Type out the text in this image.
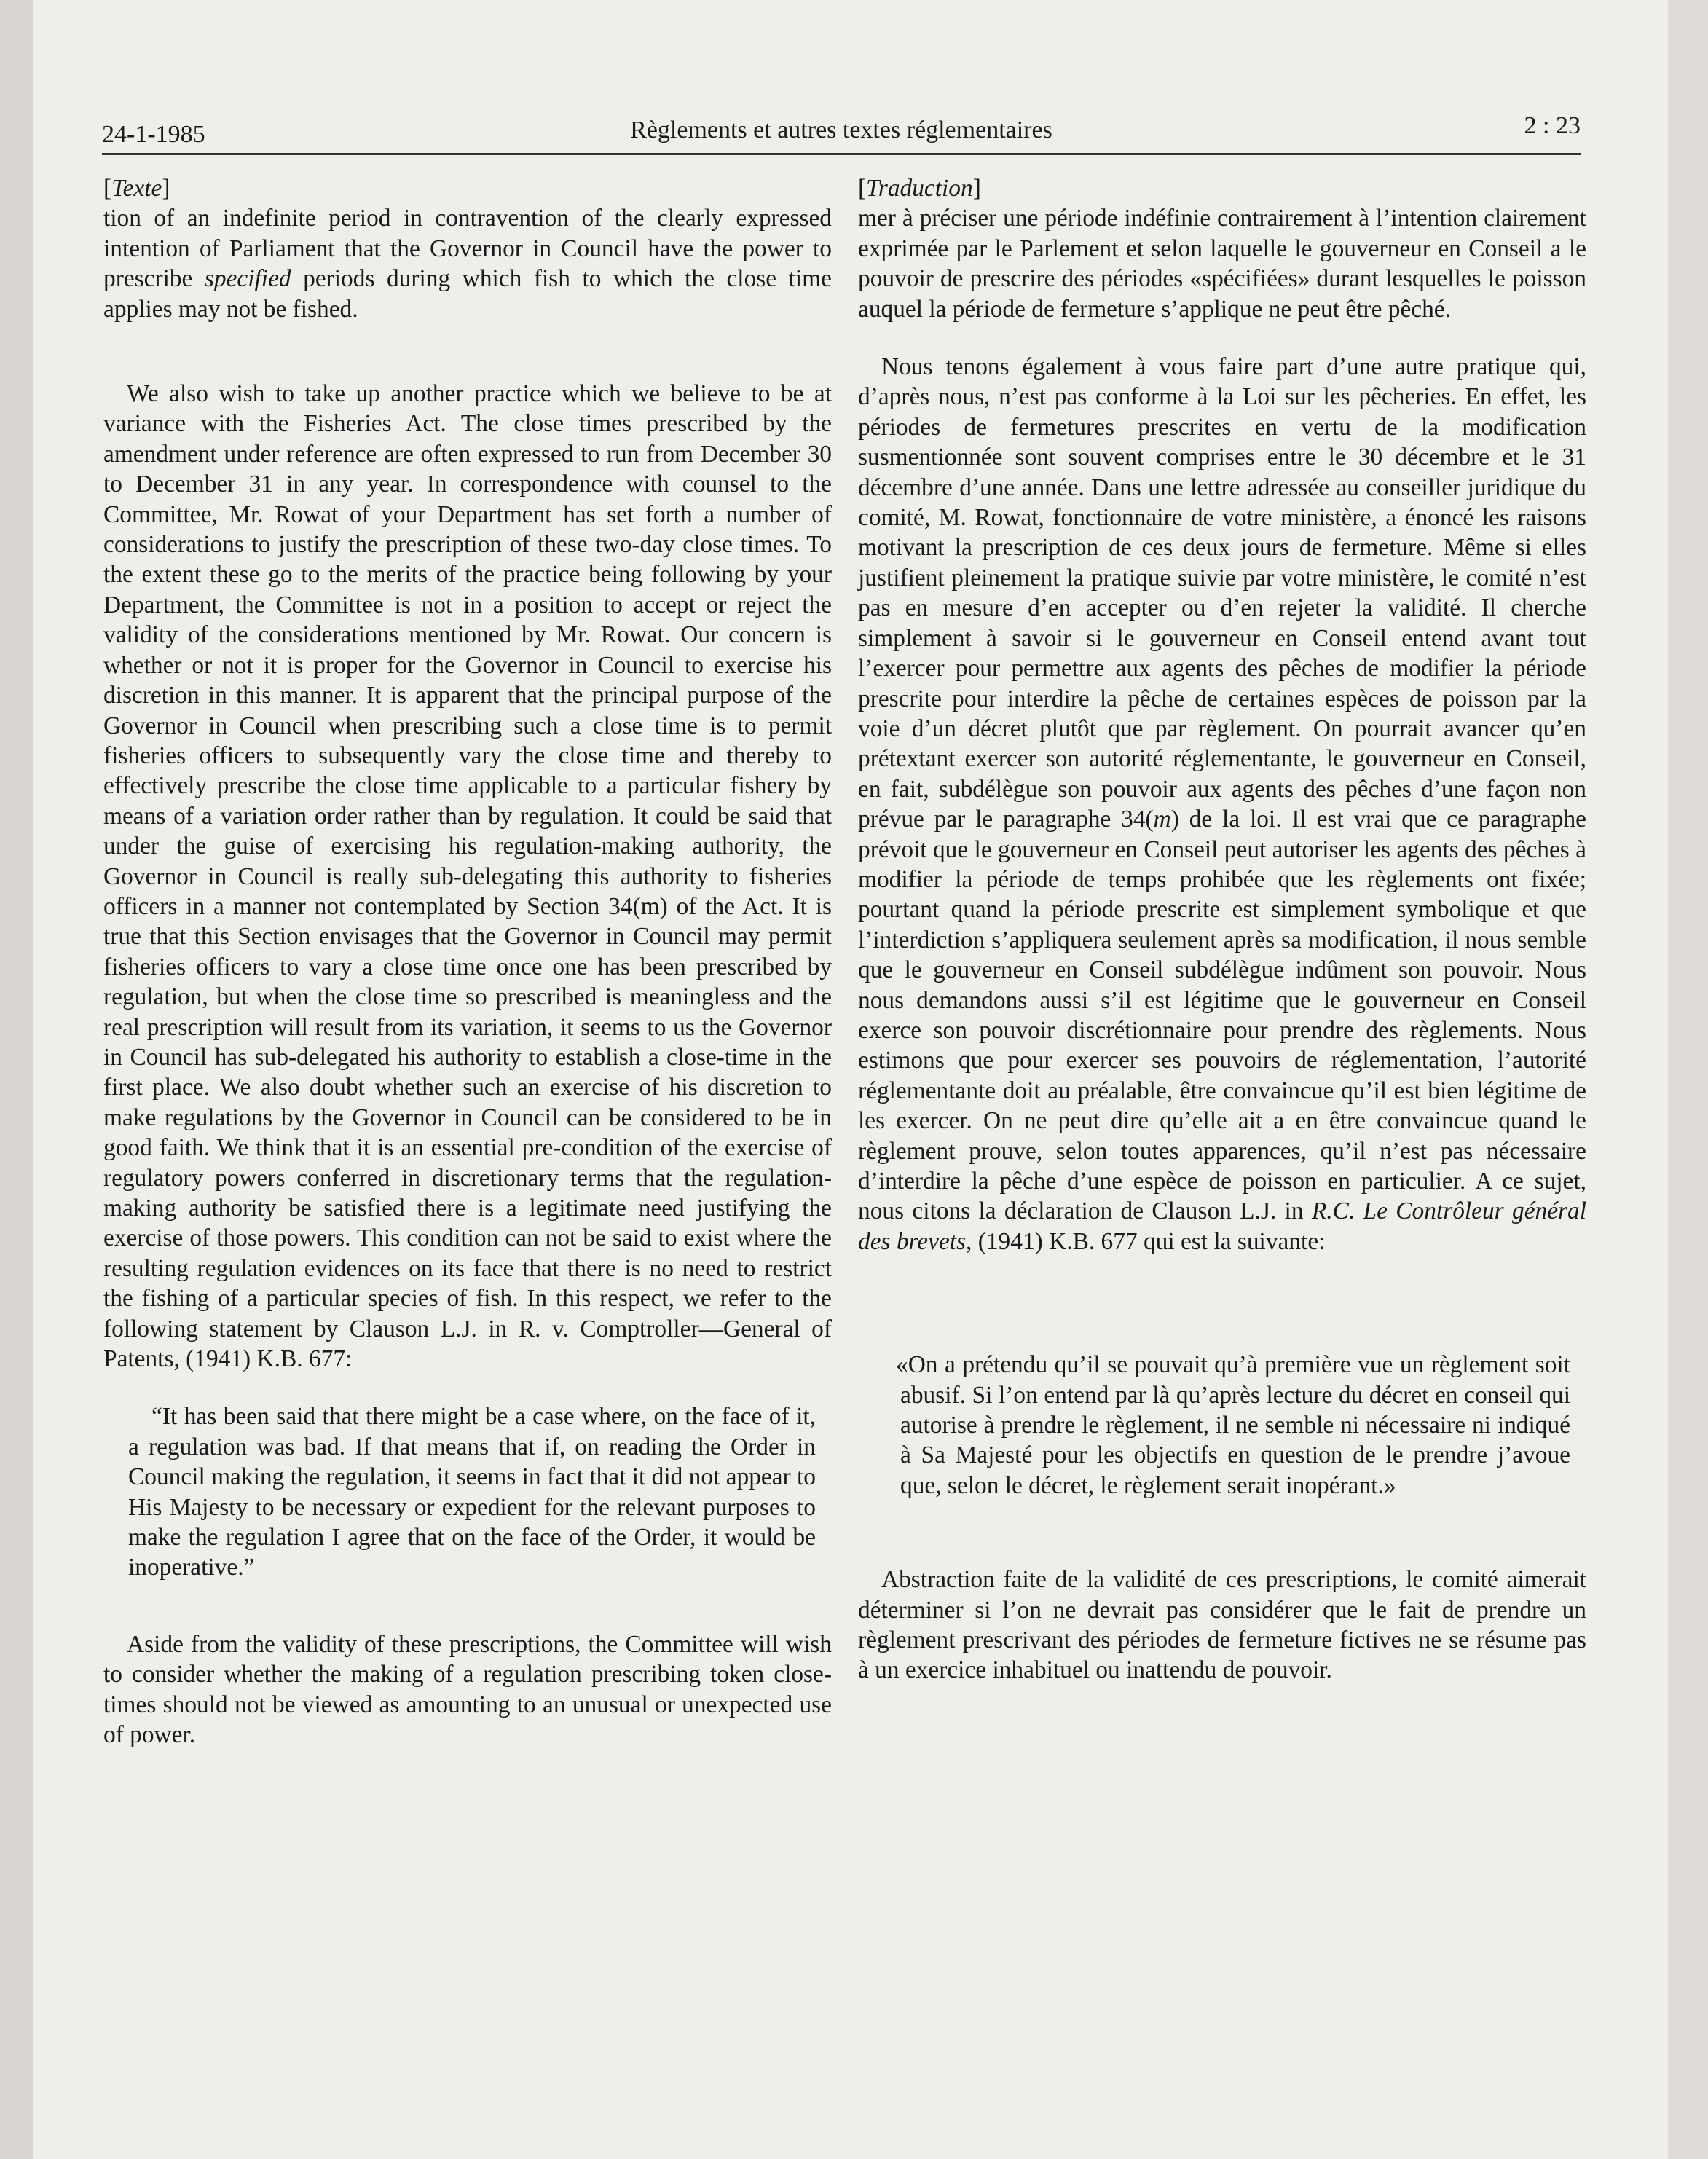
24-1-1985	Règlements et autres textes réglementaires	2 : 23
[Texte]

tion of an indefinite period in contravention of the clearly expressed intention of Parliament that the Governor in Council have the power to prescribe specified periods during which fish to which the close time applies may not be fished.

We also wish to take up another practice which we believe to be at variance with the Fisheries Act. The close times prescribed by the amendment under reference are often expressed to run from December 30 to December 31 in any year. In correspondence with counsel to the Committee, Mr. Rowat of your Department has set forth a number of considerations to justify the prescription of these two-day close times. To the extent these go to the merits of the practice being following by your Department, the Committee is not in a position to accept or reject the validity of the considerations mentioned by Mr. Rowat. Our concern is whether or not it is proper for the Governor in Council to exercise his discretion in this manner. It is apparent that the principal purpose of the Governor in Council when prescribing such a close time is to permit fisheries officers to subsequently vary the close time and thereby to effectively prescribe the close time applicable to a particular fishery by means of a variation order rather than by regulation. It could be said that under the guise of exercising his regulation-making authority, the Governor in Council is really sub-delegating this authority to fisheries officers in a manner not contemplated by Section 34(m) of the Act. It is true that this Section envisages that the Governor in Council may permit fisheries officers to vary a close time once one has been prescribed by regulation, but when the close time so prescribed is meaningless and the real prescription will result from its variation, it seems to us the Governor in Council has sub-delegated his authority to establish a close-time in the first place. We also doubt whether such an exercise of his discretion to make regulations by the Governor in Council can be considered to be in good faith. We think that it is an essential pre-condition of the exercise of regulatory powers conferred in discretionary terms that the regulation-making authority be satisfied there is a legitimate need justifying the exercise of those powers. This condition can not be said to exist where the resulting regulation evidences on its face that there is no need to restrict the fishing of a particular species of fish. In this respect, we refer to the following statement by Clauson L.J. in R. v. Comptroller—General of Patents, (1941) K.B. 677:

“It has been said that there might be a case where, on the face of it, a regulation was bad. If that means that if, on reading the Order in Council making the regulation, it seems in fact that it did not appear to His Majesty to be necessary or expedient for the relevant purposes to make the regulation I agree that on the face of the Order, it would be inoperative.”

Aside from the validity of these prescriptions, the Committee will wish to consider whether the making of a regulation prescribing token close-times should not be viewed as amounting to an unusual or unexpected use of power.

[Traduction]

mer à préciser une période indéfinie contrairement à l’intention clairement exprimée par le Parlement et selon laquelle le gouverneur en Conseil a le pouvoir de prescrire des périodes «spécifiées» durant lesquelles le poisson auquel la période de fermeture s’applique ne peut être pêché.

Nous tenons également à vous faire part d’une autre pratique qui, d’après nous, n’est pas conforme à la Loi sur les pêcheries. En effet, les périodes de fermetures prescrites en vertu de la modification susmentionnée sont souvent comprises entre le 30 décembre et le 31 décembre d’une année. Dans une lettre adressée au conseiller juridique du comité, M. Rowat, fonctionnaire de votre ministère, a énoncé les raisons motivant la prescription de ces deux jours de fermeture. Même si elles justifient pleinement la pratique suivie par votre ministère, le comité n’est pas en mesure d’en accepter ou d’en rejeter la validité. Il cherche simplement à savoir si le gouverneur en Conseil entend avant tout l’exercer pour permettre aux agents des pêches de modifier la période prescrite pour interdire la pêche de certaines espèces de poisson par la voie d’un décret plutôt que par règlement. On pourrait avancer qu’en prétextant exercer son autorité réglementante, le gouverneur en Conseil, en fait, subdélègue son pouvoir aux agents des pêches d’une façon non prévue par le paragraphe 34(m) de la loi. Il est vrai que ce paragraphe prévoit que le gouverneur en Conseil peut autoriser les agents des pêches à modifier la période de temps prohibée que les règlements ont fixée; pourtant quand la période prescrite est simplement symbolique et que l’interdiction s’appliquera seulement après sa modification, il nous semble que le gouverneur en Conseil subdélègue indûment son pouvoir. Nous nous demandons aussi s’il est légitime que le gouverneur en Conseil exerce son pouvoir discrétionnaire pour prendre des règlements. Nous estimons que pour exercer ses pouvoirs de réglementation, l’autorité réglementante doit au préalable, être convaincue qu’il est bien légitime de les exercer. On ne peut dire qu’elle ait a en être convaincue quand le règlement prouve, selon toutes apparences, qu’il n’est pas nécessaire d’interdire la pêche d’une espèce de poisson en particulier. A ce sujet, nous citons la déclaration de Clauson L.J. in R.C. Le Contrôleur général des brevets, (1941) K.B. 677 qui est la suivante:

«On a prétendu qu’il se pouvait qu’à première vue un règlement soit abusif. Si l’on entend par là qu’après lecture du décret en conseil qui autorise à prendre le règlement, il ne semble ni nécessaire ni indiqué à Sa Majesté pour les objectifs en question de le prendre j’avoue que, selon le décret, le règlement serait inopérant.»

Abstraction faite de la validité de ces prescriptions, le comité aimerait déterminer si l’on ne devrait pas considérer que le fait de prendre un règlement prescrivant des périodes de fermeture fictives ne se résume pas à un exercice inhabituel ou inattendu de pouvoir.
